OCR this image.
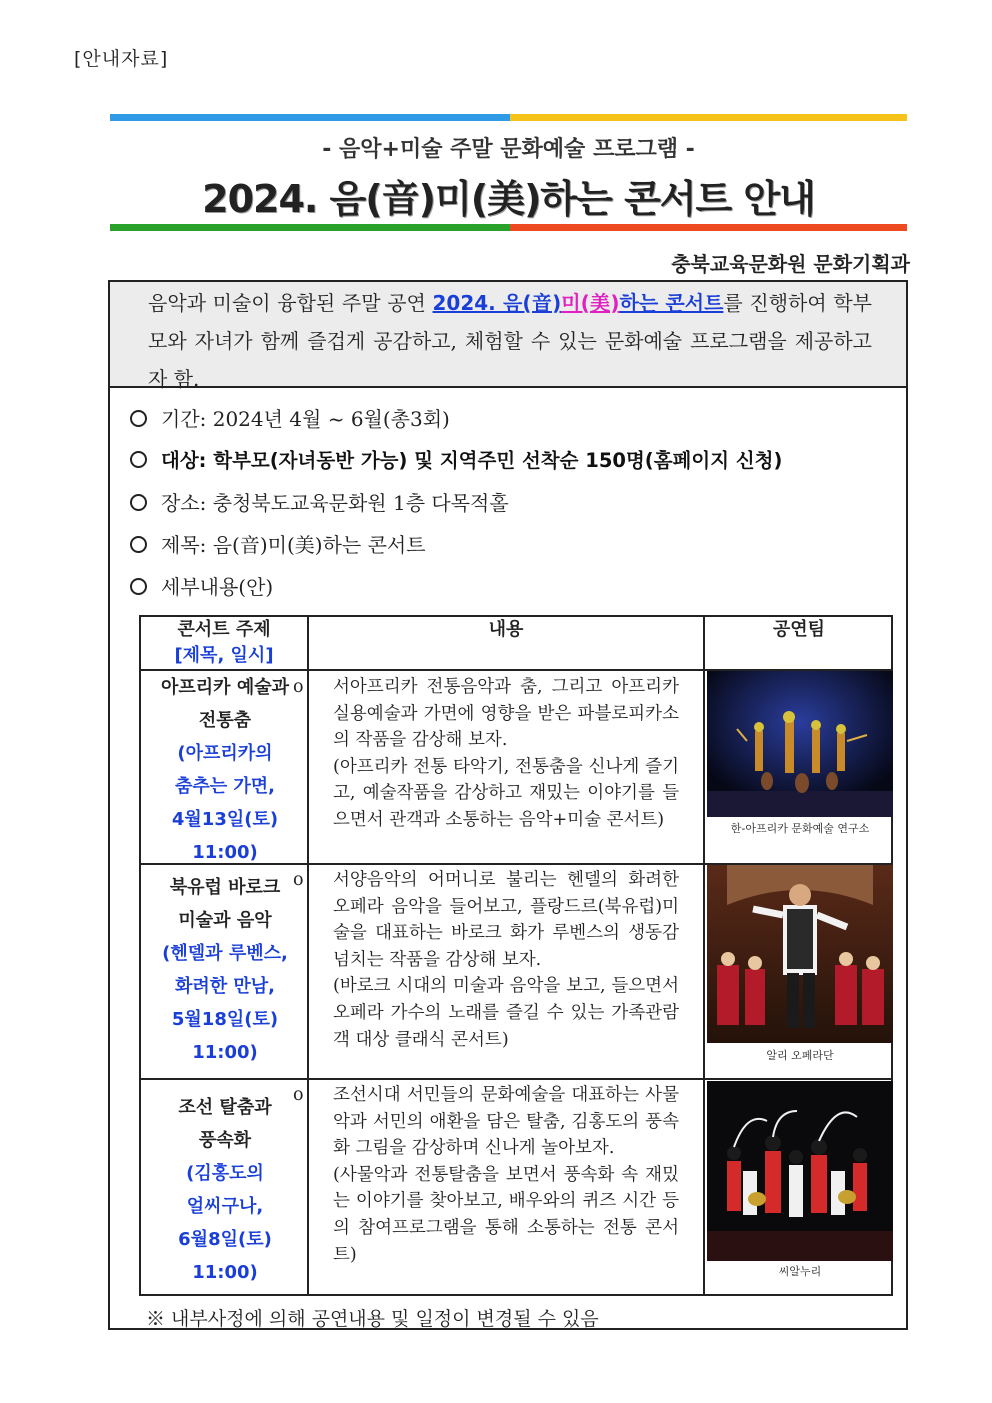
[안내자료]
- 음악+미술 주말 문화예술 프로그램 -
2024. 음(音)미(美)하는 콘서트 안내
충북교육문화원 문화기획과
음악과 미술이 융합된 주말 공연 2024. 음(音)미(美)하는 콘서트를 진행하여 학부모와 자녀가 함께 즐겁게 공감하고, 체험할 수 있는 문화예술 프로그램을 제공하고자 함.
기간: 2024년 4월 ~ 6월(총3회)
대상: 학부모(자녀동반 가능) 및 지역주민 선착순 150명(홈페이지 신청)
장소: 충청북도교육문화원 1층 다목적홀
제목: 음(音)미(美)하는 콘서트
세부내용(안)
콘서트 주제
[제목, 일시]
내용	공연팀
아프리카 예술과
전통춤
(아프리카의
춤추는 가면,
4월13일(토)
11:00)
o 서아프리카 전통음악과 춤, 그리고 아프리카 실용예술과 가면에 영향을 받은 파블로피카소의 작품을 감상해 보자.
(아프리카 전통 타악기, 전통춤을 신나게 즐기고, 예술작품을 감상하고 재밌는 이야기를 들으면서 관객과 소통하는 음악+미술 콘서트)	한-아프리카 문화예술 연구소
북유럽 바로크
미술과 음악
(헨델과 루벤스,
화려한 만남,
5월18일(토)
11:00)
o 서양음악의 어머니로 불리는 헨델의 화려한 오페라 음악을 들어보고, 플랑드르(북유럽)미술을 대표하는 바로크 화가 루벤스의 생동감 넘치는 작품을 감상해 보자.
(바로크 시대의 미술과 음악을 보고, 들으면서 오페라 가수의 노래를 즐길 수 있는 가족관람객 대상 클래식 콘서트)
알리 오페라단
조선 탈춤과
풍속화
(김홍도의
얼씨구나,
6월8일(토)
11:00)
o 조선시대 서민들의 문화예술을 대표하는 사물악과 서민의 애환을 담은 탈춤, 김홍도의 풍속화 그림을 감상하며 신나게 놀아보자.
(사물악과 전통탈춤을 보면서 풍속화 속 재밌는 이야기를 찾아보고, 배우와의 퀴즈 시간 등의 참여프로그램을 통해 소통하는 전통 콘서트)
씨알누리
※ 내부사정에 의해 공연내용 및 일정이 변경될 수 있음
